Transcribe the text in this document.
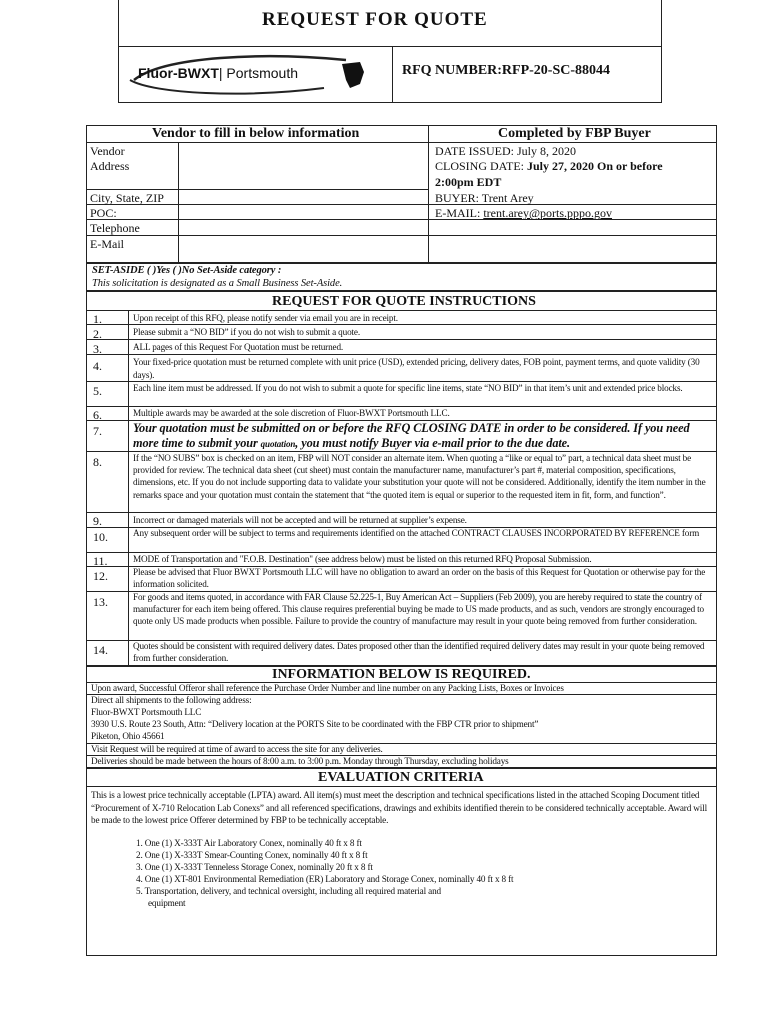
REQUEST FOR QUOTE
Fluor-BWXT| Portsmouth	RFQ NUMBER:RFP-20-SC-88044
Vendor to fill in below information	Completed by FBP Buyer
Vendor
Address
City, State, ZIP
POC:
Telephone
E-Mail
DATE ISSUED: July 8, 2020
CLOSING DATE: July 27, 2020 On or before
2:00pm EDT
BUYER: Trent Arey
E-MAIL: trent.arey@ports.pppo.gov
SET-ASIDE ( )Yes ( )No Set-Aside category :
This solicitation is designated as a Small Business Set-Aside.
REQUEST FOR QUOTE INSTRUCTIONS
1.
2.
3.
4.
5.
6.
7.
8.
9.
10.
11.
12.
13.
14.
Upon receipt of this RFQ, please notify sender via email you are in receipt.
Please submit a “NO BID” if you do not wish to submit a quote.
ALL pages of this Request For Quotation must be returned.
Your fixed-price quotation must be returned complete with unit price (USD), extended pricing, delivery dates, FOB point, payment terms, and quote validity (30 days).
Each line item must be addressed. If you do not wish to submit a quote for specific line items, state “NO BID” in that item’s unit and extended price blocks.
Multiple awards may be awarded at the sole discretion of Fluor-BWXT Portsmouth LLC.
Your quotation must be submitted on or before the RFQ CLOSING DATE in order to be considered. If you need more time to submit your quotation, you must notify Buyer via e-mail prior to the due date.
If the “NO SUBS” box is checked on an item, FBP will NOT consider an alternate item. When quoting a “like or equal to” part, a technical data sheet must be provided for review. The technical data sheet (cut sheet) must contain the manufacturer name, manufacturer’s part #, material composition, specifications, dimensions, etc. If you do not include supporting data to validate your substitution your quote will not be considered. Additionally, identify the item number in the remarks space and your quotation must contain the statement that “the quoted item is equal or superior to the requested item in fit, form, and function”.
Incorrect or damaged materials will not be accepted and will be returned at supplier’s expense.
Any subsequent order will be subject to terms and requirements identified on the attached CONTRACT CLAUSES INCORPORATED BY REFERENCE form
MODE of Transportation and "F.O.B. Destination" (see address below) must be listed on this returned RFQ Proposal Submission.
Please be advised that Fluor BWXT Portsmouth LLC will have no obligation to award an order on the basis of this Request for Quotation or otherwise pay for the information solicited.
For goods and items quoted, in accordance with FAR Clause 52.225-1, Buy American Act – Suppliers (Feb 2009), you are hereby required to state the country of manufacturer for each item being offered. This clause requires preferential buying be made to US made products, and as such, vendors are strongly encouraged to quote only US made products when possible. Failure to provide the country of manufacture may result in your quote being removed from further consideration.
Quotes should be consistent with required delivery dates. Dates proposed other than the identified required delivery dates may result in your quote being removed from further consideration.
INFORMATION BELOW IS REQUIRED.
Upon award, Successful Offeror shall reference the Purchase Order Number and line number on any Packing Lists, Boxes or Invoices
Direct all shipments to the following address:
Fluor-BWXT Portsmouth LLC
3930 U.S. Route 23 South, Attn: “Delivery location at the PORTS Site to be coordinated with the FBP CTR prior to shipment”
Piketon, Ohio 45661
Visit Request will be required at time of award to access the site for any deliveries.
Deliveries should be made between the hours of 8:00 a.m. to 3:00 p.m. Monday through Thursday, excluding holidays
EVALUATION CRITERIA
This is a lowest price technically acceptable (LPTA) award. All item(s) must meet the description and technical specifications listed in the attached Scoping Document titled “Procurement of X-710 Relocation Lab Conexs” and all referenced specifications, drawings and exhibits identified therein to be considered technically acceptable. Award will be made to the lowest price Offerer determined by FBP to be technically acceptable.
1. One (1) X-333T Air Laboratory Conex, nominally 40 ft x 8 ft
2. One (1) X-333T Smear-Counting Conex, nominally 40 ft x 8 ft
3. One (1) X-333T Tenneless Storage Conex, nominally 20 ft x 8 ft
4. One (1) XT-801 Environmental Remediation (ER) Laboratory and Storage Conex, nominally 40 ft x 8 ft
5. Transportation, delivery, and technical oversight, including all required material and
equipment
